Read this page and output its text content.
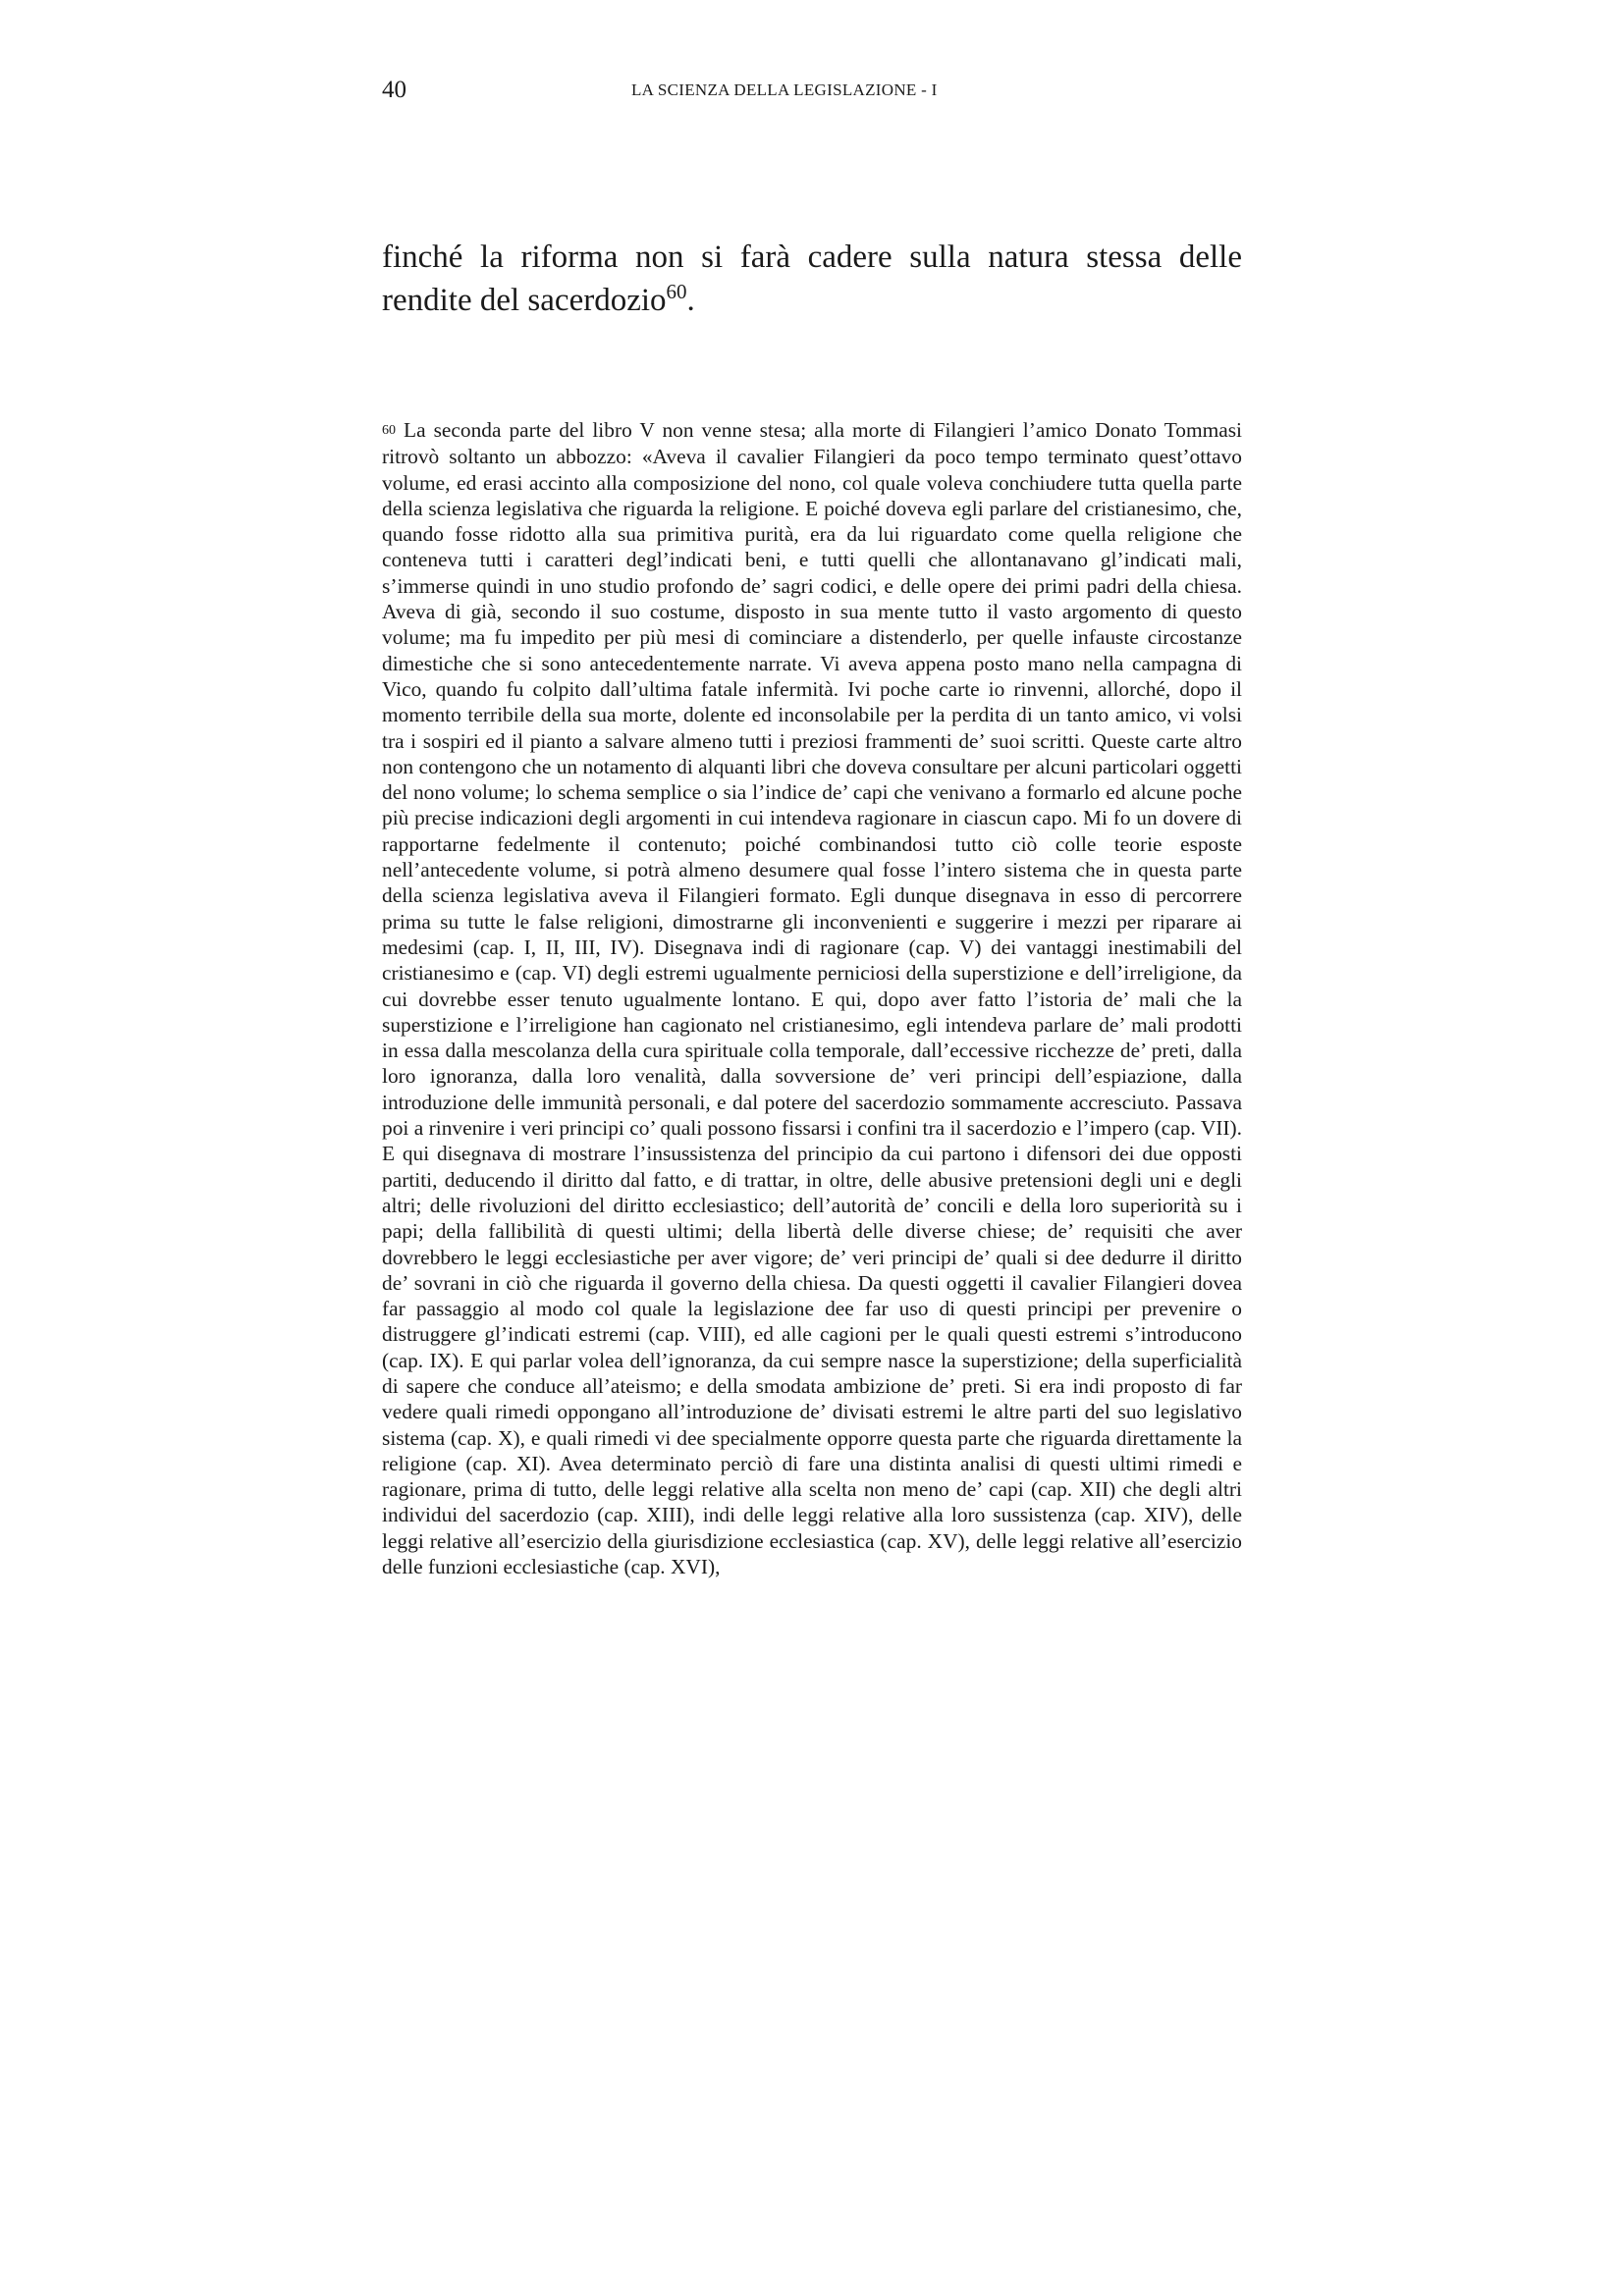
40	LA SCIENZA DELLA LEGISLAZIONE - I

finché la riforma non si farà cadere sulla natura stessa delle rendite del sacerdozio$^{60}$.

60 La seconda parte del libro V non venne stesa; alla morte di Filangieri l’amico Donato Tommasi ritrovò soltanto un abbozzo: «Aveva il cavalier Filangieri da poco tempo terminato quest’ottavo volume, ed erasi accinto alla composizione del nono, col quale voleva conchiudere tutta quella parte della scienza legislativa che riguarda la religione. E poiché doveva egli parlare del cristianesimo, che, quando fosse ridotto alla sua primitiva purità, era da lui riguardato come quella religione che conteneva tutti i caratteri degl’indicati beni, e tutti quelli che allontanavano gl’indicati mali, s’immerse quindi in uno studio profondo de’ sagri codici, e delle opere dei primi padri della chiesa. Aveva di già, secondo il suo costume, disposto in sua mente tutto il vasto argomento di questo volume; ma fu impedito per più mesi di cominciare a distenderlo, per quelle infauste circostanze dimestiche che si sono antecedentemente narrate. Vi aveva appena posto mano nella campagna di Vico, quando fu colpito dall’ultima fatale infermità. Ivi poche carte io rinvenni, allorché, dopo il momento terribile della sua morte, dolente ed inconsolabile per la perdita di un tanto amico, vi volsi tra i sospiri ed il pianto a salvare almeno tutti i preziosi frammenti de’ suoi scritti. Queste carte altro non contengono che un notamento di alquanti libri che doveva consultare per alcuni particolari oggetti del nono volume; lo schema semplice o sia l’indice de’ capi che venivano a formarlo ed alcune poche più precise indicazioni degli argomenti in cui intendeva ragionare in ciascun capo. Mi fo un dovere di rapportarne fedelmente il contenuto; poiché combinandosi tutto ciò colle teorie esposte nell’antecedente volume, si potrà almeno desumere qual fosse l’intero sistema che in questa parte della scienza legislativa aveva il Filangieri formato. Egli dunque disegnava in esso di percorrere prima su tutte le false religioni, dimostrarne gli inconvenienti e suggerire i mezzi per riparare ai medesimi (cap. I, II, III, IV). Disegnava indi di ragionare (cap. V) dei vantaggi inestimabili del cristianesimo e (cap. VI) degli estremi ugualmente perniciosi della superstizione e dell’irreligione, da cui dovrebbe esser tenuto ugualmente lontano. E qui, dopo aver fatto l’istoria de’ mali che la superstizione e l’irreligione han cagionato nel cristianesimo, egli intendeva parlare de’ mali prodotti in essa dalla mescolanza della cura spirituale colla temporale, dall’eccessive ricchezze de’ preti, dalla loro ignoranza, dalla loro venalità, dalla sovversione de’ veri principi dell’espiazione, dalla introduzione delle immunità personali, e dal potere del sacerdozio sommamente accresciuto. Passava poi a rinvenire i veri principi co’ quali possono fissarsi i confini tra il sacerdozio e l’impero (cap. VII). E qui disegnava di mostrare l’insussistenza del principio da cui partono i difensori dei due opposti partiti, deducendo il diritto dal fatto, e di trattar, in oltre, delle abusive pretensioni degli uni e degli altri; delle rivoluzioni del diritto ecclesiastico; dell’autorità de’ concili e della loro superiorità su i papi; della fallibilità di questi ultimi; della libertà delle diverse chiese; de’ requisiti che aver dovrebbero le leggi ecclesiastiche per aver vigore; de’ veri principi de’ quali si dee dedurre il diritto de’ sovrani in ciò che riguarda il governo della chiesa. Da questi oggetti il cavalier Filangieri dovea far passaggio al modo col quale la legislazione dee far uso di questi principi per prevenire o distruggere gl’indicati estremi (cap. VIII), ed alle cagioni per le quali questi estremi s’introducono (cap. IX). E qui parlar volea dell’ignoranza, da cui sempre nasce la superstizione; della superficialità di sapere che conduce all’ateismo; e della smodata ambizione de’ preti. Si era indi proposto di far vedere quali rimedi oppongano all’introduzione de’ divisati estremi le altre parti del suo legislativo sistema (cap. X), e quali rimedi vi dee specialmente opporre questa parte che riguarda direttamente la religione (cap. XI). Avea determinato perciò di fare una distinta analisi di questi ultimi rimedi e ragionare, prima di tutto, delle leggi relative alla scelta non meno de’ capi (cap. XII) che degli altri individui del sacerdozio (cap. XIII), indi delle leggi relative alla loro sussistenza (cap. XIV), delle leggi relative all’esercizio della giurisdizione ecclesiastica (cap. XV), delle leggi relative all’esercizio delle funzioni ecclesiastiche (cap. XVI),
